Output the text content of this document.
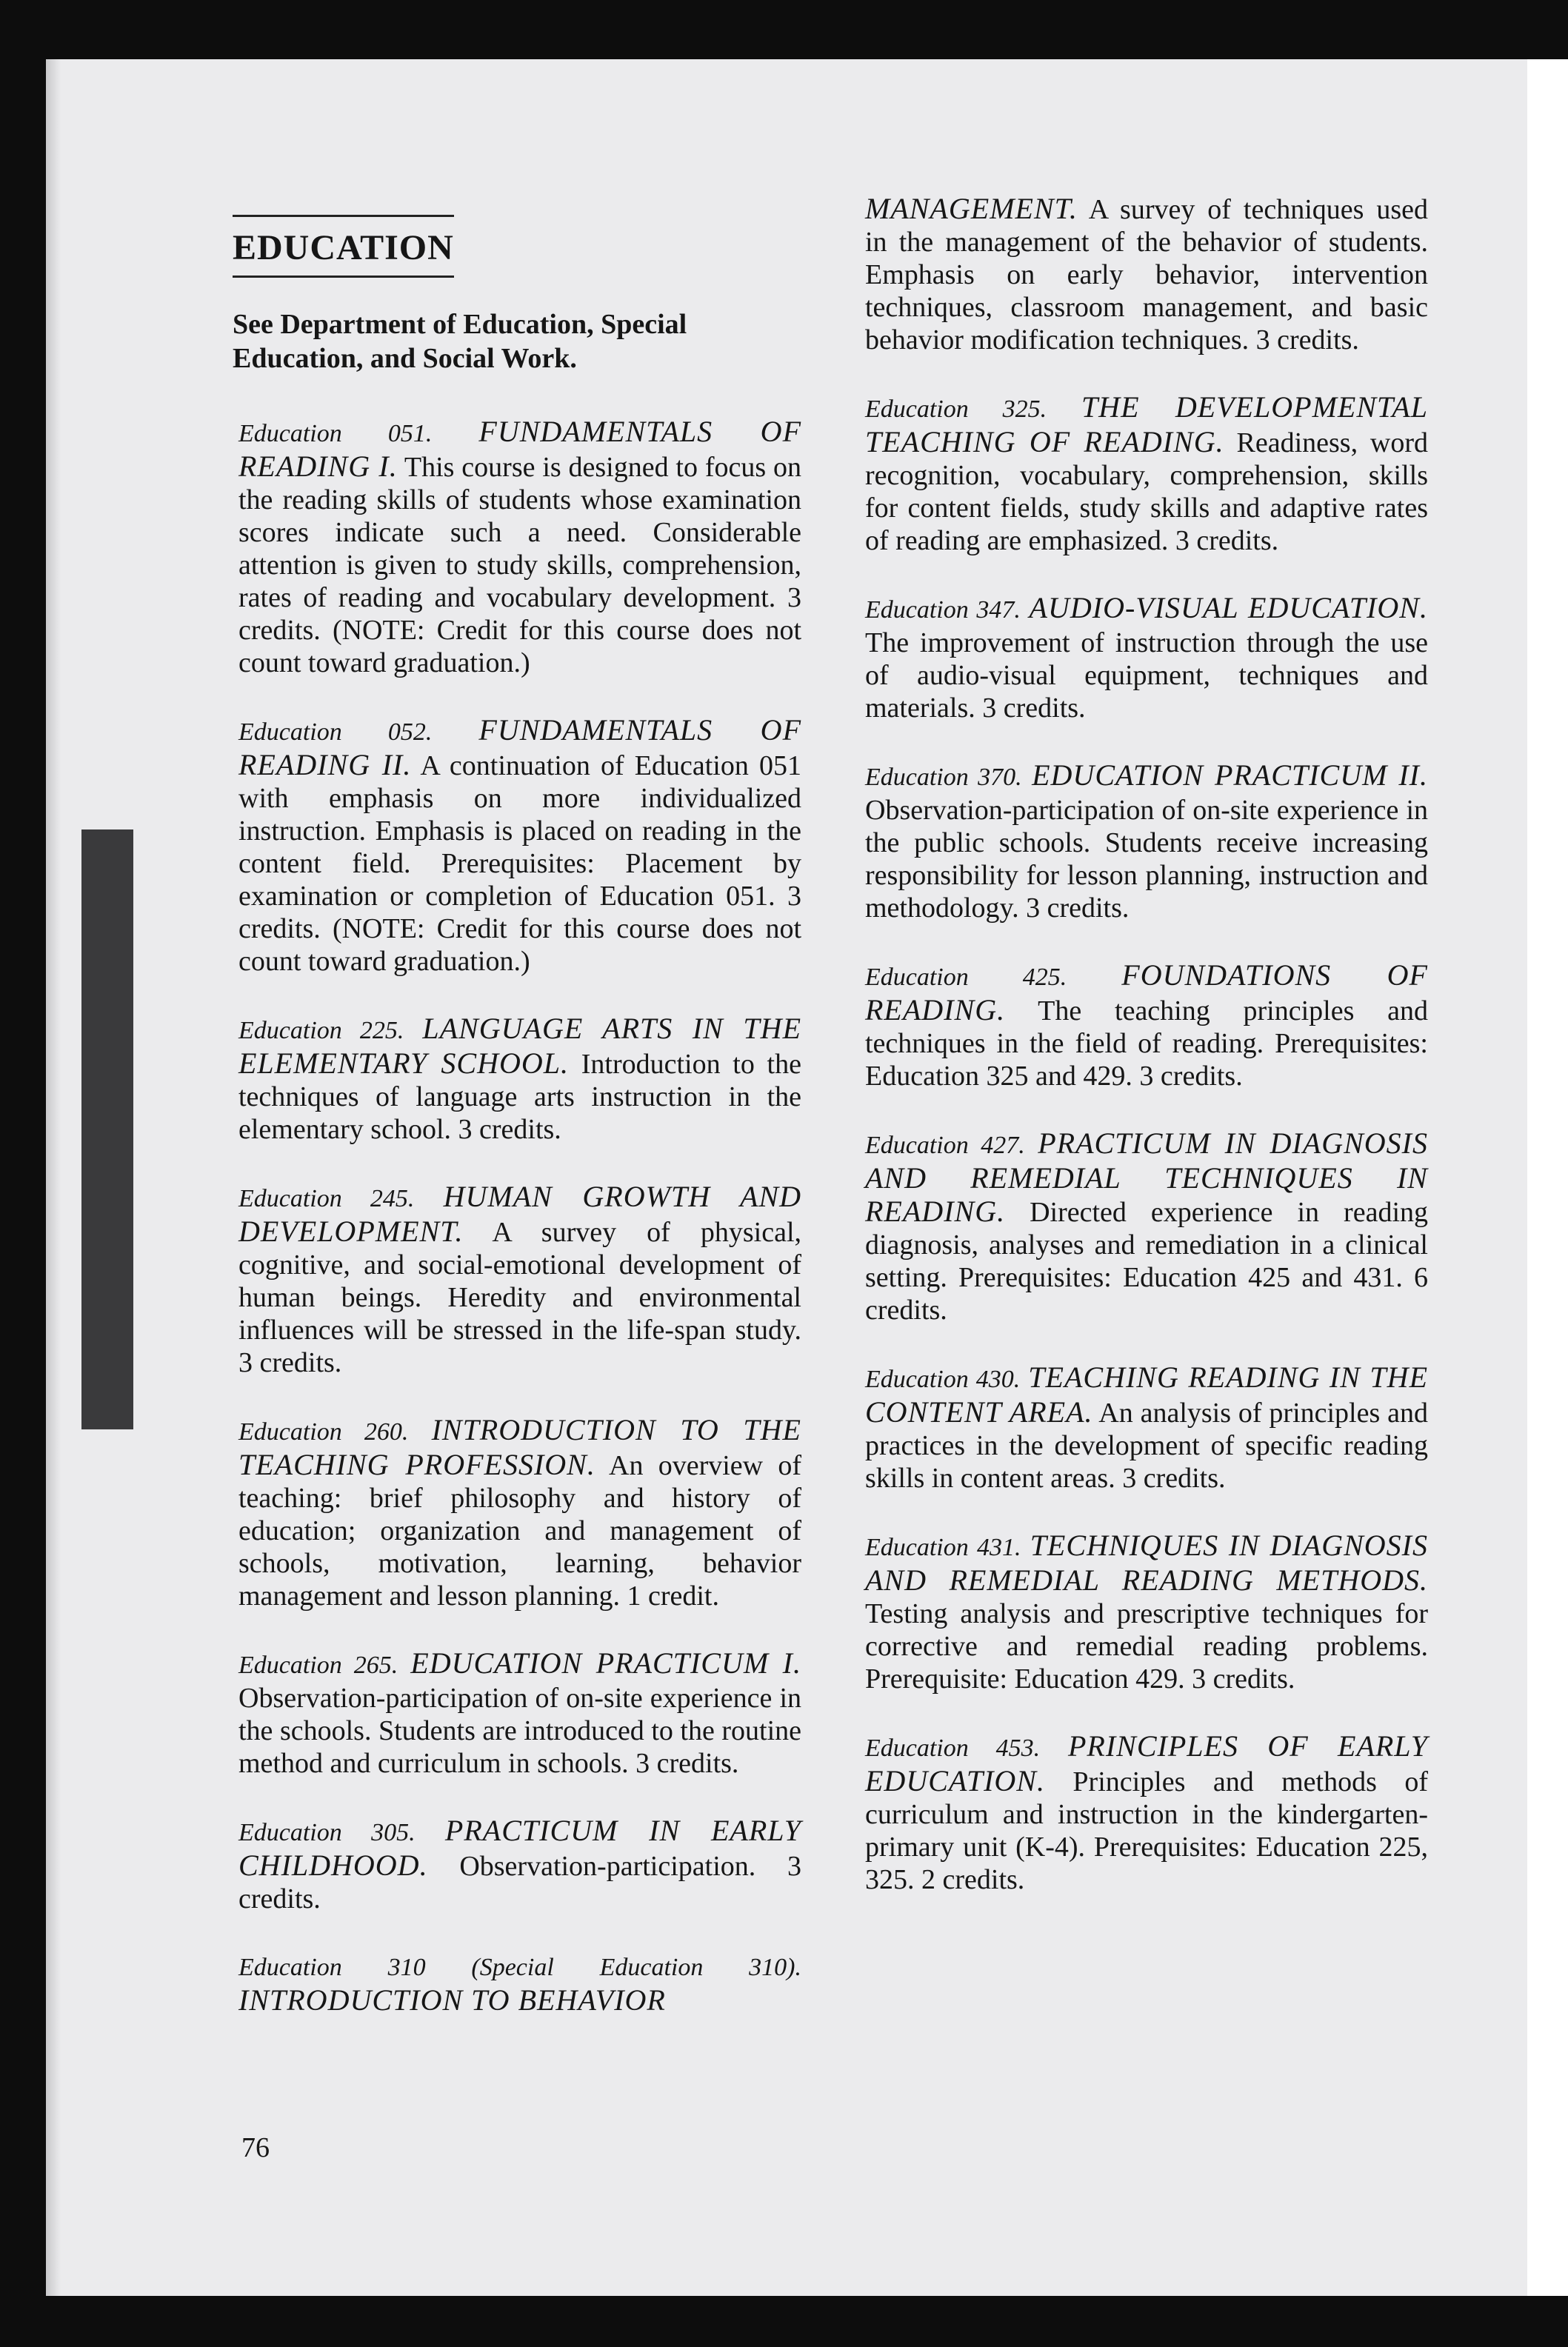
EDUCATION
See Department of Education, Special Education, and Social Work.

Education 051. FUNDAMENTALS OF READING I. This course is designed to focus on the reading skills of students whose examination scores indicate such a need. Considerable attention is given to study skills, comprehension, rates of reading and vocabulary development. 3 credits. (NOTE: Credit for this course does not count toward graduation.)

Education 052. FUNDAMENTALS OF READING II. A continuation of Education 051 with emphasis on more individualized instruction. Emphasis is placed on reading in the content field. Prerequisites: Placement by examination or completion of Education 051. 3 credits. (NOTE: Credit for this course does not count toward graduation.)

Education 225. LANGUAGE ARTS IN THE ELEMENTARY SCHOOL. Introduction to the techniques of language arts instruction in the elementary school. 3 credits.

Education 245. HUMAN GROWTH AND DEVELOPMENT. A survey of physical, cognitive, and social-emotional development of human beings. Heredity and environmental influences will be stressed in the life-span study. 3 credits.

Education 260. INTRODUCTION TO THE TEACHING PROFESSION. An overview of teaching: brief philosophy and history of education; organization and management of schools, motivation, learning, behavior management and lesson planning. 1 credit.

Education 265. EDUCATION PRACTICUM I. Observation-participation of on-site experience in the schools. Students are introduced to the routine method and curriculum in schools. 3 credits.

Education 305. PRACTICUM IN EARLY CHILDHOOD. Observation-participation. 3 credits.

Education 310 (Special Education 310). INTRODUCTION TO BEHAVIOR

MANAGEMENT. A survey of techniques used in the management of the behavior of students. Emphasis on early behavior, intervention techniques, classroom management, and basic behavior modification techniques. 3 credits.

Education 325. THE DEVELOPMENTAL TEACHING OF READING. Readiness, word recognition, vocabulary, comprehension, skills for content fields, study skills and adaptive rates of reading are emphasized. 3 credits.

Education 347. AUDIO-VISUAL EDUCATION. The improvement of instruction through the use of audio-visual equipment, techniques and materials. 3 credits.

Education 370. EDUCATION PRACTICUM II. Observation-participation of on-site experience in the public schools. Students receive increasing responsibility for lesson planning, instruction and methodology. 3 credits.

Education 425. FOUNDATIONS OF READING. The teaching principles and techniques in the field of reading. Prerequisites: Education 325 and 429. 3 credits.

Education 427. PRACTICUM IN DIAGNOSIS AND REMEDIAL TECHNIQUES IN READING. Directed experience in reading diagnosis, analyses and remediation in a clinical setting. Prerequisites: Education 425 and 431. 6 credits.

Education 430. TEACHING READING IN THE CONTENT AREA. An analysis of principles and practices in the development of specific reading skills in content areas. 3 credits.

Education 431. TECHNIQUES IN DIAGNOSIS AND REMEDIAL READING METHODS. Testing analysis and prescriptive techniques for corrective and remedial reading problems. Prerequisite: Education 429. 3 credits.

Education 453. PRINCIPLES OF EARLY EDUCATION. Principles and methods of curriculum and instruction in the kindergarten-primary unit (K-4). Prerequisites: Education 225, 325. 2 credits.

76
